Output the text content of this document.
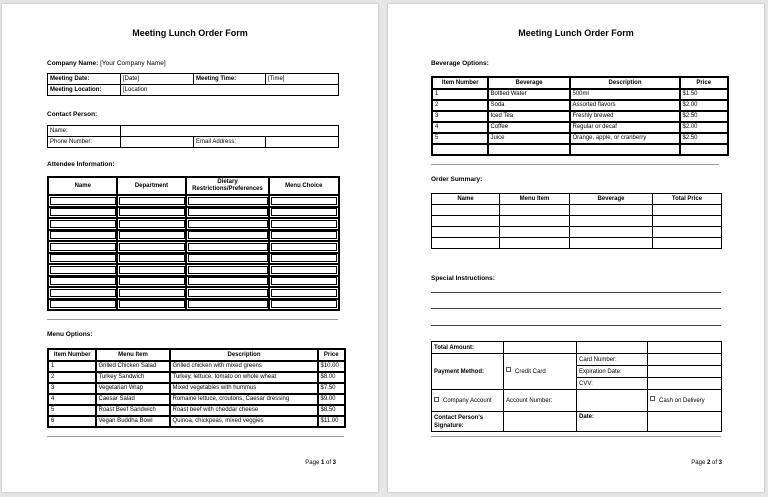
Meeting Lunch Order Form
Company Name: [Your Company Name]
Meeting Date:	[Date]	Meeting Time:	[Time]
Meeting Location:	[Location		
Contact Person:
Name:			
Phone Number:		Email Address:	
Attendee Information:
Name	Department	Dietary Restrictions/Preferences	Menu Choice

Menu Options:
Item Number	Menu Item	Description	Price
1	Grilled Chicken Salad	Grilled chicken with mixed greens	$10.00
2	Turkey Sandwich	Turkey, lettuce, tomato on whole wheat	$8.00
3	Vegetarian Wrap	Mixed vegetables with hummus	$7.50
4	Caesar Salad	Romaine lettuce, croutons, Caesar dressing	$9.00
5	Roast Beef Sandwich	Roast beef with cheddar cheese	$8.50
6	Vegan Buddha Bowl	Quinoa, chickpeas, mixed veggies	$11.00
Page 1 of 3
Meeting Lunch Order Form
Beverage Options:
Item Number	Beverage	Description	Price
1	Bottled Water	500ml	$1.50
2	Soda	Assorted flavors	$2.00
3	Iced Tea	Freshly brewed	$2.50
4	Coffee	Regular or decaf	$2.00
5	Juice	Orange, apple, or cranberry	$2.50

Order Summary:
Name	Menu Item	Beverage	Total Price

Special Instructions:
Total Amount:			
Payment Method:	Credit Card	Card Number:	
		Expiration Date:	
		CVV:	
Company Account	Account Number:		Cash on Delivery
Contact Person's Signature:		Date:	
Page 2 of 3
